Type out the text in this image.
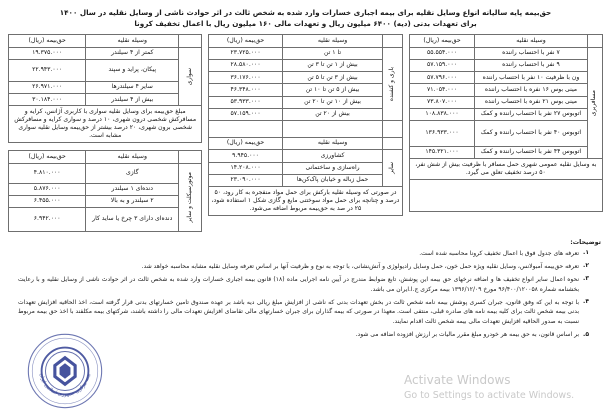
حق‌بیمه پایه سالیانه انواع وسایل نقلیه برای بیمه اجباری خسارات وارد شده به شخص ثالث در اثر حوادث ناشی از وسایل نقلیه در سال ۱۴۰۰
برای تعهدات بدنی (دیه) ۶۴۰۰ میلیون ریال و تعهدات مالی ۱۶۰ میلیون ریال با اعمال تخفیف کرونا
	وسیله نقلیه	حق‌بیمه (ریال)

سواری	کمتر از ۴ سیلندر	۱۹.۳۷۵.۰۰۰
	پیکان، پراید و سپند	۲۲.۹۴۳.۰۰۰
	سایر ۴ سیلندرها	۲۶.۹۷۱.۰۰۰
	بیش از ۴ سیلندر	۳۰.۱۸۴.۰۰۰
مبلغ حق‌بیمه برای وسایل نقلیه سواری با کاربری آژانس، کرایه و مسافرکش شخصی درون شهری، ۱۰ درصد و سواری کرایه و مسافرکش شخصی برون شهری، ۲۰ درصد بیشتر از حق‌بیمه وسایل نقلیه سواری مشابه است.		
	وسیله نقلیه	حق‌بیمه (ریال)

موتورسیکلت و سایر	گازی	۴.۸۱۰.۰۰۰
	دنده‌ای ۱ سیلندر	۵.۸۷۶.۰۰۰
	۲ سیلندر و به بالا	۶.۴۵۵.۰۰۰
	دنده‌ای دارای ۳ چرخ یا ساید کار	۶.۹۴۲.۰۰۰
	وسیله نقلیه	حق‌بیمه (ریال)

باری و کشنده	تا ۱ تن	۲۳.۷۲۵.۰۰۰
	بیش از ۱ تن تا ۳ تن	۲۸.۵۸۰.۰۰۰
	بیش از ۳ تن تا ۵ تن	۳۶.۱۷۶.۰۰۰
	بیش از ۵ تن تا ۱۰ تن	۴۶.۳۴۸.۰۰۰
	بیش از ۱۰ تن تا ۲۰ تن	۵۳.۹۳۳.۰۰۰
	بیش از ۲۰ تن	۵۷.۱۵۹.۰۰۰

	وسیله نقلیه	حق‌بیمه (ریال)

سایر	کشاورزی	۹.۹۴۵.۰۰۰
	راه‌سازی و ساختمانی	۱۴.۲۰۸.۰۰۰
	حمل زباله و خیابان پاک‌کن‌ها	۲۳.۰۹۰.۰۰۰
در صورتی که وسیله نقلیه بارکش برای حمل مواد منفجره به کار رود، ۵۰ درصد و چنانچه برای حمل مواد سوختنی مایع و گازی شکل ۱ استفاده شود، ۲۵ در صد به حق‌بیمه مربوط اضافه می‌شود.		
	وسیله نقلیه	حق‌بیمه (ریال)

مسافربری	۷ نفر با احتساب راننده	۵۵.۵۵۴.۰۰۰
	۹ نفر با احتساب راننده	۵۷.۱۵۹.۰۰۰
	ون با ظرفیت ۱۰ نفر با احتساب راننده	۵۷.۷۹۶.۰۰۰
	مینی بوس ۱۶ نفره با احتساب راننده	۷۱.۰۵۴.۰۰۰
	مینی بوس ۲۱ نفره با احتساب راننده	۷۳.۸۰۷.۰۰۰
	اتوبوس ۲۷ نفر با احتساب راننده و کمک	۱۰۸.۸۳۸.۰۰۰
	اتوبوس ۴۰ نفر با احتساب راننده و کمک	۱۳۶.۹۳۳.۰۰۰
	اتوبوس ۴۴ نفر با احتساب راننده و کمک	۱۴۵.۳۲۱.۰۰۰
به وسایل نقلیه عمومی شهری حمل مسافر با ظرفیت بیش از شش نفر، ۵۰ درصد تخفیف تعلق می گیرد.		

توضیحات:
۱.
تعرفه های جدول فوق با اعمال تخفیف کرونا محاسبه شده است.
۲.
تعرفه حق‌بیمه آمبولانس، وسایل نقلیه ویژه حمل خون، حمل وسایل رادیولوژی و آتش‌نشانی، با توجه به نوع و ظرفیت آنها بر اساس تعرفه وسایل نقلیه مشابه محاسبه خواهد شد.
۳.
نحوه اعمال سایر انواع تخفیف ها و اضافه نرخهای حق بیمه این پوشش، تابع ضوابط مندرج در آیین نامه اجرایی ماده (۱۸) قانون بیمه اجباری خسارات وارد شده به شخص ثالث در اثر حوادث ناشی از وسایل نقلیه و با رعایت بخشنامه شماره ۹۶/۴۰۰/۱۲۰۰۵۸ مورخ ۱۳۹۶/۱۲/۰۹ بیمه مرکزی ج.ا.ایران می باشد.
۴.
با توجه به این که وفق قانون، جبران کسری پوشش بیمه نامه شخص ثالث در بخش تعهدات بدنی که ناشی از افزایش مبلغ ریالی دیه باشد بر عهده صندوق تامین خسارتهای بدنی قرار گرفته است، اخذ الحاقیه افزایش تعهدات بدنی بیمه شخص ثالث برای کلیه بیمه نامه های صادره قبلی، منتفی است. معهذا در صورتی که بیمه گذاران برای جبران خسارتهای مالی تقاضای افزایش تعهدات مالی را داشته باشند، شرکتهای بیمه مکلفند با اخذ حق بیمه مربوط نسبت به صدور الحاقیه افزایش تعهدات مالی بیمه شخص ثالث اقدام نمایند.
۵.
بر اساس قانون، به حق بیمه هر خودرو مبلغ مقرر مالیات بر ارزش افزوده اضافه می شود.
بیمه مرکزی جمهوری اسلامی ایران	Activate Windows
Go to Settings to activate Windows.
